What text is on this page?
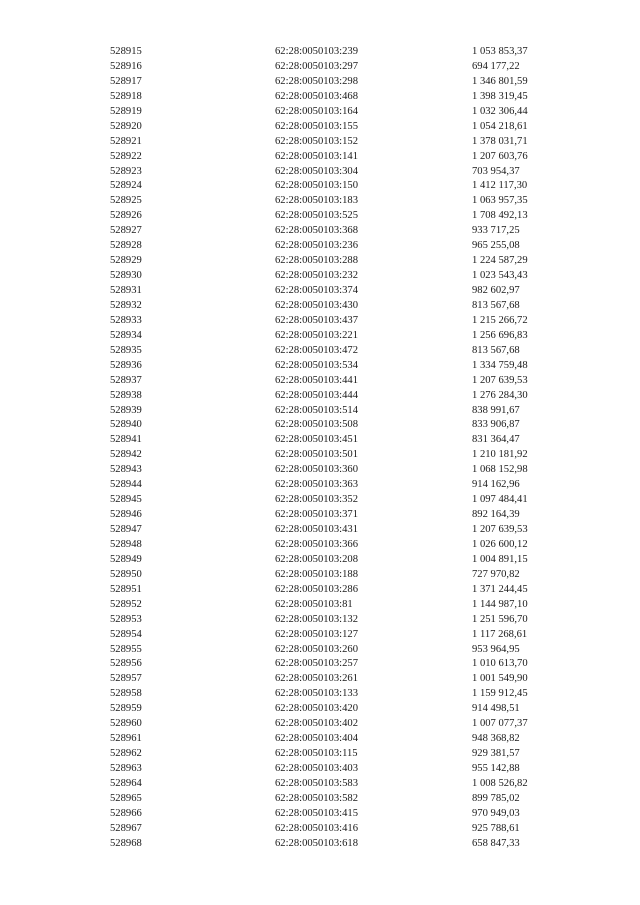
528915	62:28:0050103:239	1 053 853,37
528916	62:28:0050103:297	694 177,22
528917	62:28:0050103:298	1 346 801,59
528918	62:28:0050103:468	1 398 319,45
528919	62:28:0050103:164	1 032 306,44
528920	62:28:0050103:155	1 054 218,61
528921	62:28:0050103:152	1 378 031,71
528922	62:28:0050103:141	1 207 603,76
528923	62:28:0050103:304	703 954,37
528924	62:28:0050103:150	1 412 117,30
528925	62:28:0050103:183	1 063 957,35
528926	62:28:0050103:525	1 708 492,13
528927	62:28:0050103:368	933 717,25
528928	62:28:0050103:236	965 255,08
528929	62:28:0050103:288	1 224 587,29
528930	62:28:0050103:232	1 023 543,43
528931	62:28:0050103:374	982 602,97
528932	62:28:0050103:430	813 567,68
528933	62:28:0050103:437	1 215 266,72
528934	62:28:0050103:221	1 256 696,83
528935	62:28:0050103:472	813 567,68
528936	62:28:0050103:534	1 334 759,48
528937	62:28:0050103:441	1 207 639,53
528938	62:28:0050103:444	1 276 284,30
528939	62:28:0050103:514	838 991,67
528940	62:28:0050103:508	833 906,87
528941	62:28:0050103:451	831 364,47
528942	62:28:0050103:501	1 210 181,92
528943	62:28:0050103:360	1 068 152,98
528944	62:28:0050103:363	914 162,96
528945	62:28:0050103:352	1 097 484,41
528946	62:28:0050103:371	892 164,39
528947	62:28:0050103:431	1 207 639,53
528948	62:28:0050103:366	1 026 600,12
528949	62:28:0050103:208	1 004 891,15
528950	62:28:0050103:188	727 970,82
528951	62:28:0050103:286	1 371 244,45
528952	62:28:0050103:81	1 144 987,10
528953	62:28:0050103:132	1 251 596,70
528954	62:28:0050103:127	1 117 268,61
528955	62:28:0050103:260	953 964,95
528956	62:28:0050103:257	1 010 613,70
528957	62:28:0050103:261	1 001 549,90
528958	62:28:0050103:133	1 159 912,45
528959	62:28:0050103:420	914 498,51
528960	62:28:0050103:402	1 007 077,37
528961	62:28:0050103:404	948 368,82
528962	62:28:0050103:115	929 381,57
528963	62:28:0050103:403	955 142,88
528964	62:28:0050103:583	1 008 526,82
528965	62:28:0050103:582	899 785,02
528966	62:28:0050103:415	970 949,03
528967	62:28:0050103:416	925 788,61
528968	62:28:0050103:618	658 847,33
